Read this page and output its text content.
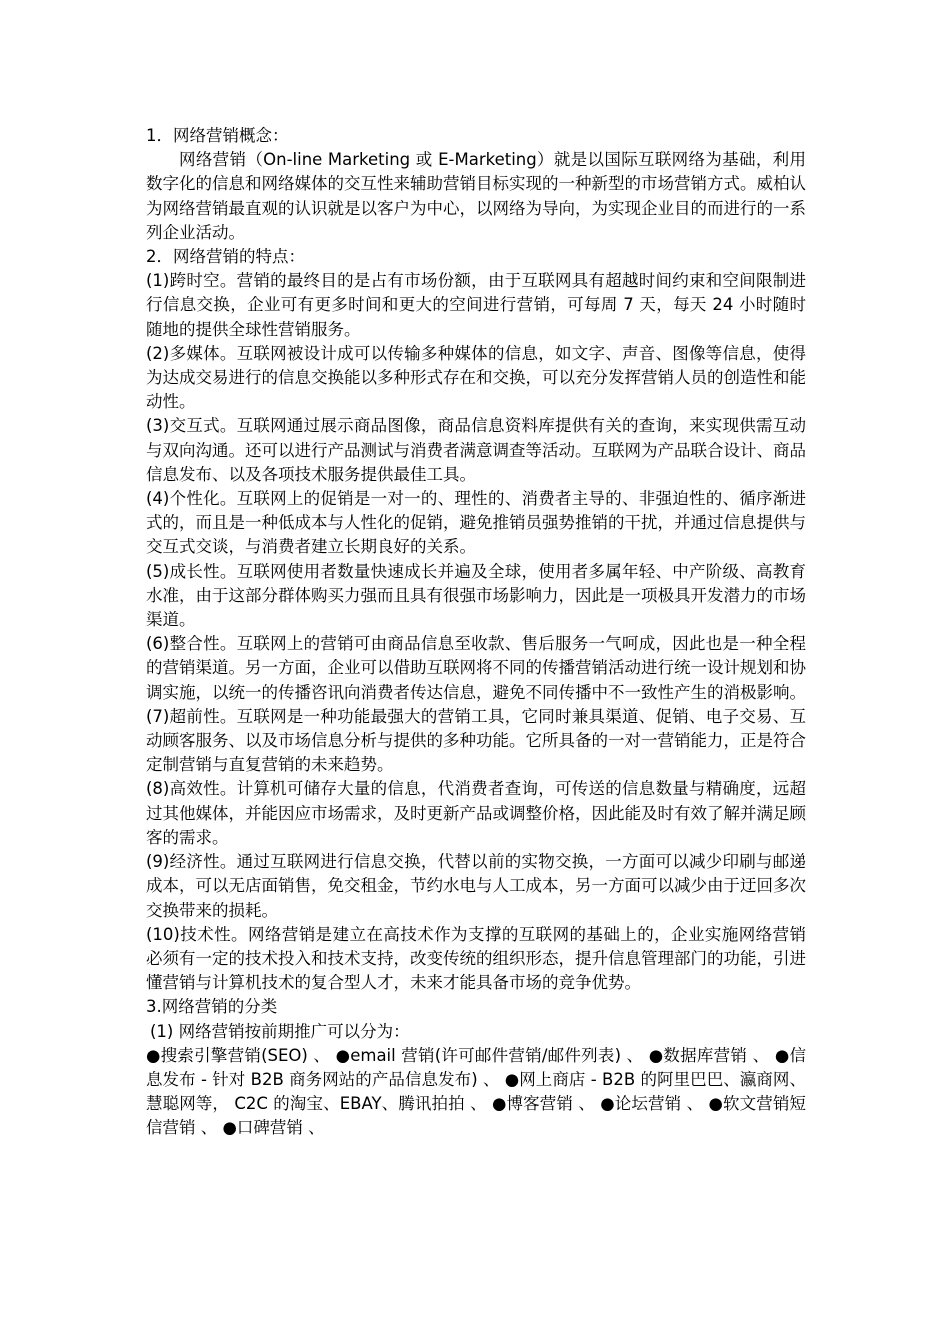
1．网络营销概念：

网络营销（On-line Marketing 或 E-Marketing）就是以国际互联网络为基础，利用数字化的信息和网络媒体的交互性来辅助营销目标实现的一种新型的市场营销方式。威柏认为网络营销最直观的认识就是以客户为中心，以网络为导向，为实现企业目的而进行的一系列企业活动。

2．网络营销的特点：

(1)跨时空。营销的最终目的是占有市场份额，由于互联网具有超越时间约束和空间限制进行信息交换，企业可有更多时间和更大的空间进行营销，可每周 7 天，每天 24 小时随时随地的提供全球性营销服务。

(2)多媒体。互联网被设计成可以传输多种媒体的信息，如文字、声音、图像等信息，使得为达成交易进行的信息交换能以多种形式存在和交换，可以充分发挥营销人员的创造性和能动性。

(3)交互式。互联网通过展示商品图像，商品信息资料库提供有关的查询，来实现供需互动与双向沟通。还可以进行产品测试与消费者满意调查等活动。互联网为产品联合设计、商品信息发布、以及各项技术服务提供最佳工具。

(4)个性化。互联网上的促销是一对一的、理性的、消费者主导的、非强迫性的、循序渐进式的，而且是一种低成本与人性化的促销，避免推销员强势推销的干扰，并通过信息提供与交互式交谈，与消费者建立长期良好的关系。

(5)成长性。互联网使用者数量快速成长并遍及全球，使用者多属年轻、中产阶级、高教育水准，由于这部分群体购买力强而且具有很强市场影响力，因此是一项极具开发潜力的市场渠道。

(6)整合性。互联网上的营销可由商品信息至收款、售后服务一气呵成，因此也是一种全程的营销渠道。另一方面，企业可以借助互联网将不同的传播营销活动进行统一设计规划和协调实施，以统一的传播咨讯向消费者传达信息，避免不同传播中不一致性产生的消极影响。

(7)超前性。互联网是一种功能最强大的营销工具，它同时兼具渠道、促销、电子交易、互动顾客服务、以及市场信息分析与提供的多种功能。它所具备的一对一营销能力，正是符合定制营销与直复营销的未来趋势。

(8)高效性。计算机可储存大量的信息，代消费者查询，可传送的信息数量与精确度，远超过其他媒体，并能因应市场需求，及时更新产品或调整价格，因此能及时有效了解并满足顾客的需求。

(9)经济性。通过互联网进行信息交换，代替以前的实物交换，一方面可以减少印刷与邮递成本，可以无店面销售，免交租金，节约水电与人工成本，另一方面可以减少由于迂回多次交换带来的损耗。

(10)技术性。网络营销是建立在高技术作为支撑的互联网的基础上的，企业实施网络营销必须有一定的技术投入和技术支持，改变传统的组织形态，提升信息管理部门的功能，引进懂营销与计算机技术的复合型人才，未来才能具备市场的竞争优势。

3.网络营销的分类

(1) 网络营销按前期推广可以分为：

●搜索引擎营销(SEO) 、 ●email 营销(许可邮件营销/邮件列表) 、 ●数据库营销 、 ●信息发布 - 针对 B2B 商务网站的产品信息发布) 、 ●网上商店 - B2B 的阿里巴巴、瀛商网、慧聪网等， C2C 的淘宝、EBAY、腾讯拍拍 、 ●博客营销 、 ●论坛营销 、 ●软文营销短信营销 、 ●口碑营销 、
